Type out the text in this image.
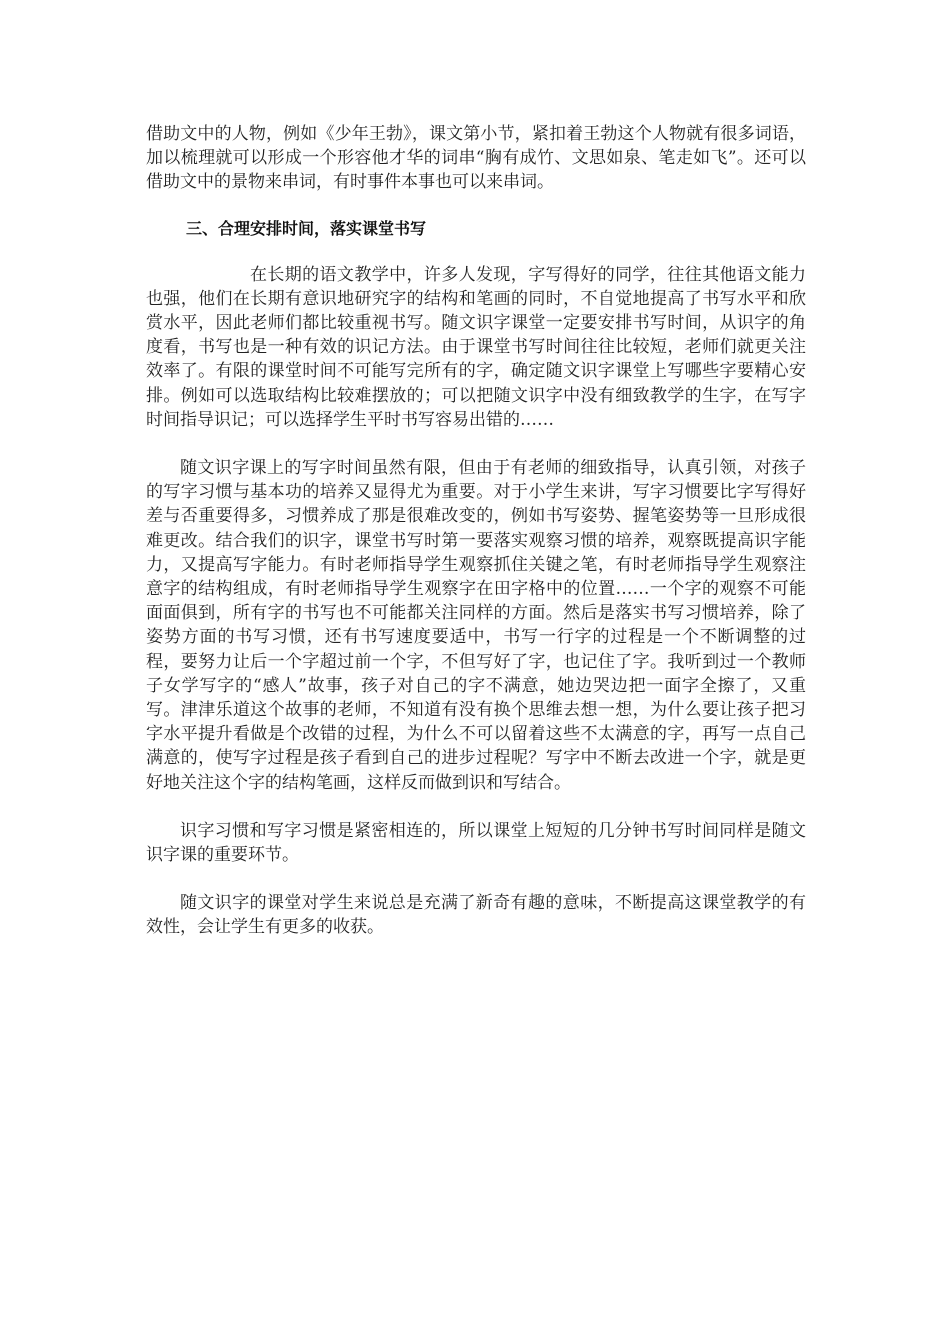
借助文中的人物，例如《少年王勃》，课文第小节，紧扣着王勃这个人物就有很多词语，加以梳理就可以形成一个形容他才华的词串“胸有成竹、文思如泉、笔走如飞”。还可以借助文中的景物来串词，有时事件本事也可以来串词。

三、合理安排时间，落实课堂书写

在长期的语文教学中，许多人发现，字写得好的同学，往往其他语文能力也强，他们在长期有意识地研究字的结构和笔画的同时，不自觉地提高了书写水平和欣赏水平，因此老师们都比较重视书写。随文识字课堂一定要安排书写时间，从识字的角度看，书写也是一种有效的识记方法。由于课堂书写时间往往比较短，老师们就更关注效率了。有限的课堂时间不可能写完所有的字，确定随文识字课堂上写哪些字要精心安排。例如可以选取结构比较难摆放的；可以把随文识字中没有细致教学的生字，在写字时间指导识记；可以选择学生平时书写容易出错的……

随文识字课上的写字时间虽然有限，但由于有老师的细致指导，认真引领，对孩子的写字习惯与基本功的培养又显得尤为重要。对于小学生来讲，写字习惯要比字写得好差与否重要得多，习惯养成了那是很难改变的，例如书写姿势、握笔姿势等一旦形成很难更改。结合我们的识字，课堂书写时第一要落实观察习惯的培养，观察既提高识字能力，又提高写字能力。有时老师指导学生观察抓住关键之笔，有时老师指导学生观察注意字的结构组成，有时老师指导学生观察字在田字格中的位置……一个字的观察不可能面面俱到，所有字的书写也不可能都关注同样的方面。然后是落实书写习惯培养，除了姿势方面的书写习惯，还有书写速度要适中，书写一行字的过程是一个不断调整的过程，要努力让后一个字超过前一个字，不但写好了字，也记住了字。我听到过一个教师子女学写字的“感人”故事，孩子对自己的字不满意，她边哭边把一面字全擦了，又重写。津津乐道这个故事的老师，不知道有没有换个思维去想一想，为什么要让孩子把习字水平提升看做是个改错的过程，为什么不可以留着这些不太满意的字，再写一点自己满意的，使写字过程是孩子看到自己的进步过程呢？写字中不断去改进一个字，就是更好地关注这个字的结构笔画，这样反而做到识和写结合。

识字习惯和写字习惯是紧密相连的，所以课堂上短短的几分钟书写时间同样是随文识字课的重要环节。

随文识字的课堂对学生来说总是充满了新奇有趣的意味，不断提高这课堂教学的有效性，会让学生有更多的收获。
